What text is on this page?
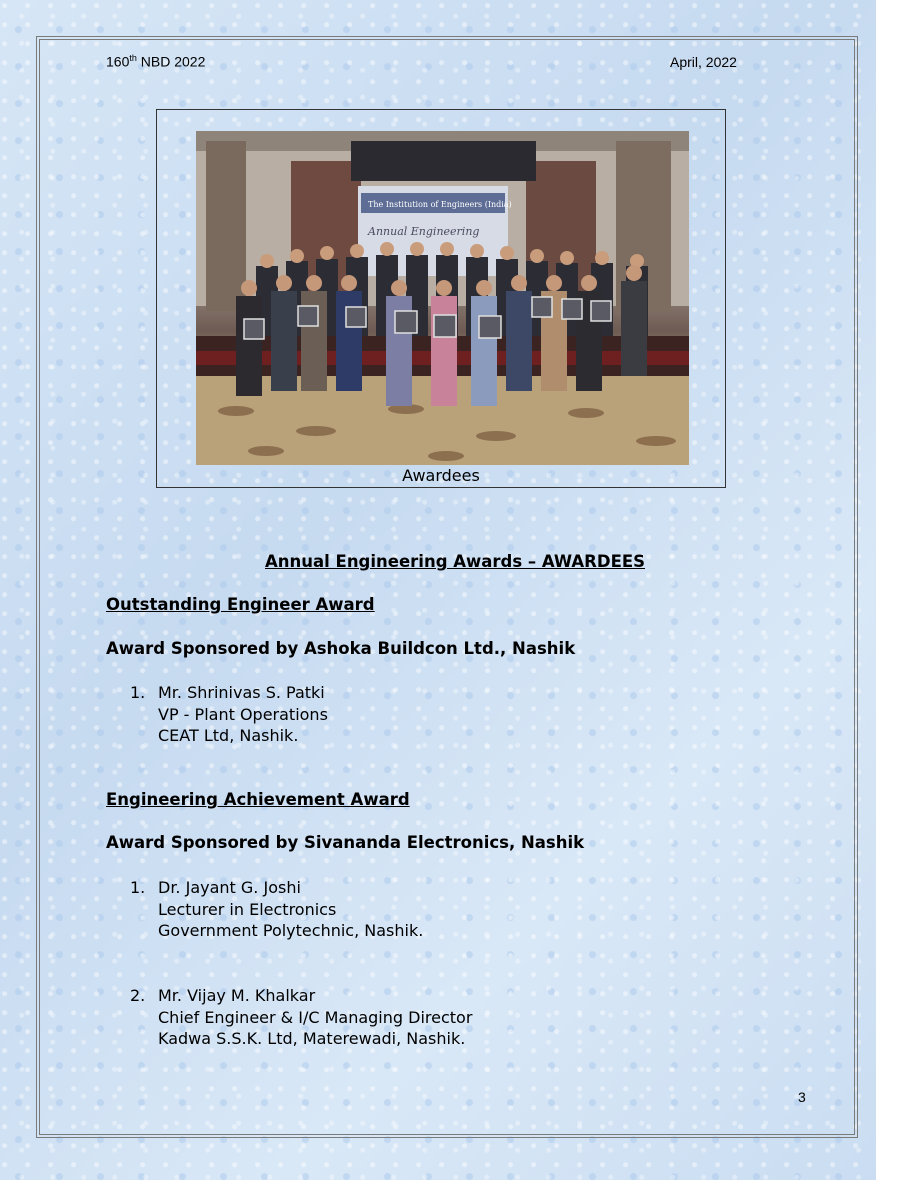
160th NBD 2022	April, 2022
The Institution of Engineers (India)
Annual Engineering
Awardees
Annual Engineering Awards – AWARDEES
Outstanding Engineer Award
Award Sponsored by Ashoka Buildcon Ltd., Nashik
1. Mr. Shrinivas S. Patki
VP - Plant Operations
CEAT Ltd, Nashik.
Engineering Achievement Award
Award Sponsored by Sivananda Electronics, Nashik
1. Dr. Jayant G. Joshi
Lecturer in Electronics
Government Polytechnic, Nashik.
2. Mr. Vijay M. Khalkar
Chief Engineer & I/C Managing Director
Kadwa S.S.K. Ltd, Materewadi, Nashik.
3
